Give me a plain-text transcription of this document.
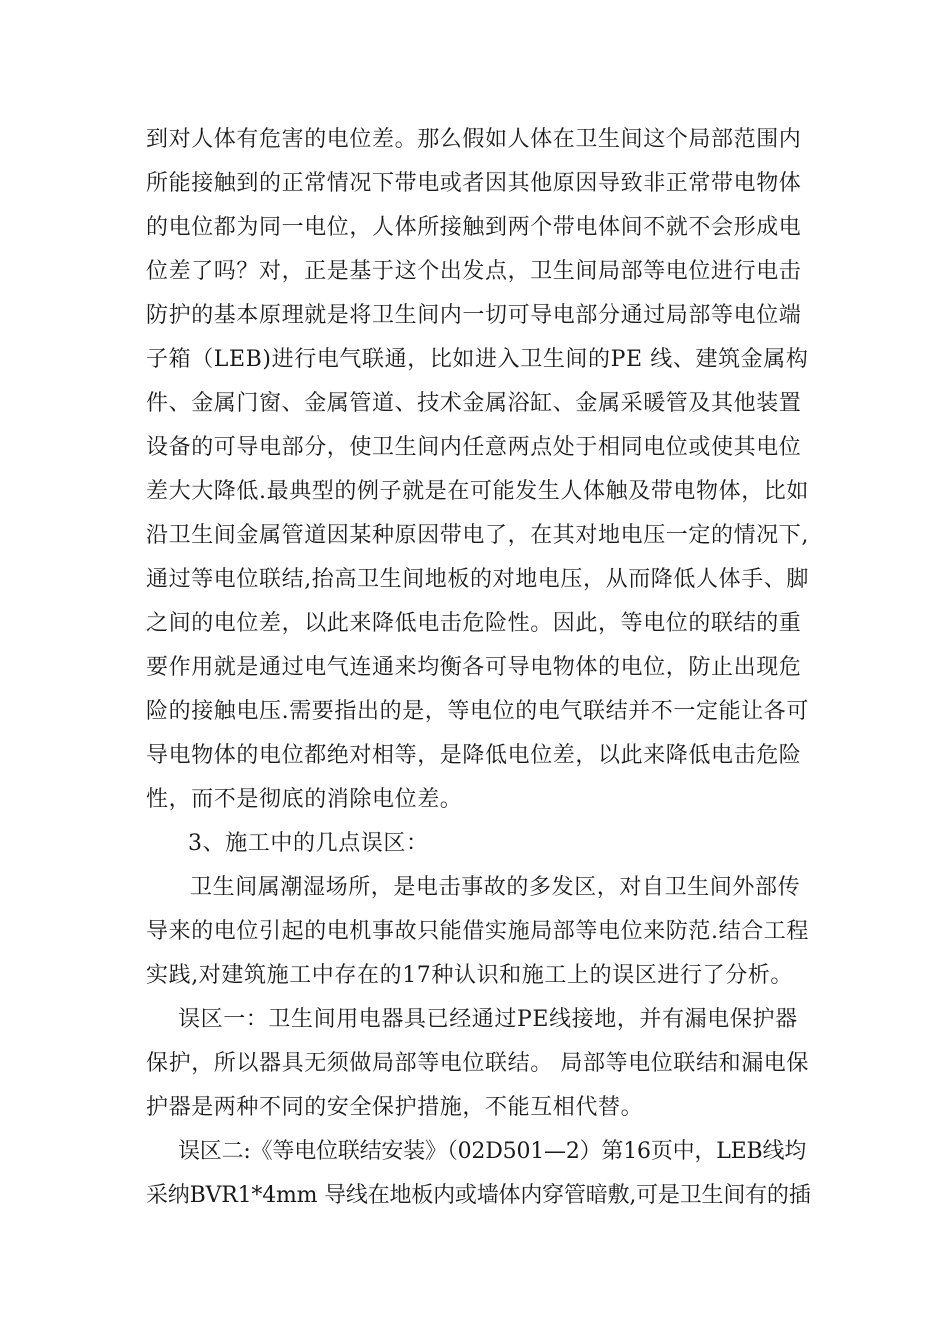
到对人体有危害的电位差。那么假如人体在卫生间这个局部范围内
所能接触到的正常情况下带电或者因其他原因导致非正常带电物体
的电位都为同一电位，人体所接触到两个带电体间不就不会形成电
位差了吗？对，正是基于这个出发点，卫生间局部等电位进行电击
防护的基本原理就是将卫生间内一切可导电部分通过局部等电位端
子箱（LEB)进行电气联通，比如进入卫生间的PE 线、建筑金属构
件、金属门窗、金属管道、技术金属浴缸、金属采暖管及其他装置
设备的可导电部分，使卫生间内任意两点处于相同电位或使其电位
差大大降低.最典型的例子就是在可能发生人体触及带电物体，比如
沿卫生间金属管道因某种原因带电了，在其对地电压一定的情况下,
通过等电位联结,抬高卫生间地板的对地电压，从而降低人体手、脚
之间的电位差，以此来降低电击危险性。因此，等电位的联结的重
要作用就是通过电气连通来均衡各可导电物体的电位，防止出现危
险的接触电压.需要指出的是，等电位的电气联结并不一定能让各可
导电物体的电位都绝对相等，是降低电位差，以此来降低电击危险
性，而不是彻底的消除电位差。
3、施工中的几点误区：
卫生间属潮湿场所，是电击事故的多发区，对自卫生间外部传
导来的电位引起的电机事故只能借实施局部等电位来防范.结合工程
实践,对建筑施工中存在的17种认识和施工上的误区进行了分析。
误区一：卫生间用电器具已经通过PE线接地，并有漏电保护器
保护，所以器具无须做局部等电位联结。 局部等电位联结和漏电保
护器是两种不同的安全保护措施，不能互相代替。
误区二:《等电位联结安装》（02D501—2）第16页中，LEB线均
采纳BVR1*4mm 导线在地板内或墙体内穿管暗敷,可是卫生间有的插
